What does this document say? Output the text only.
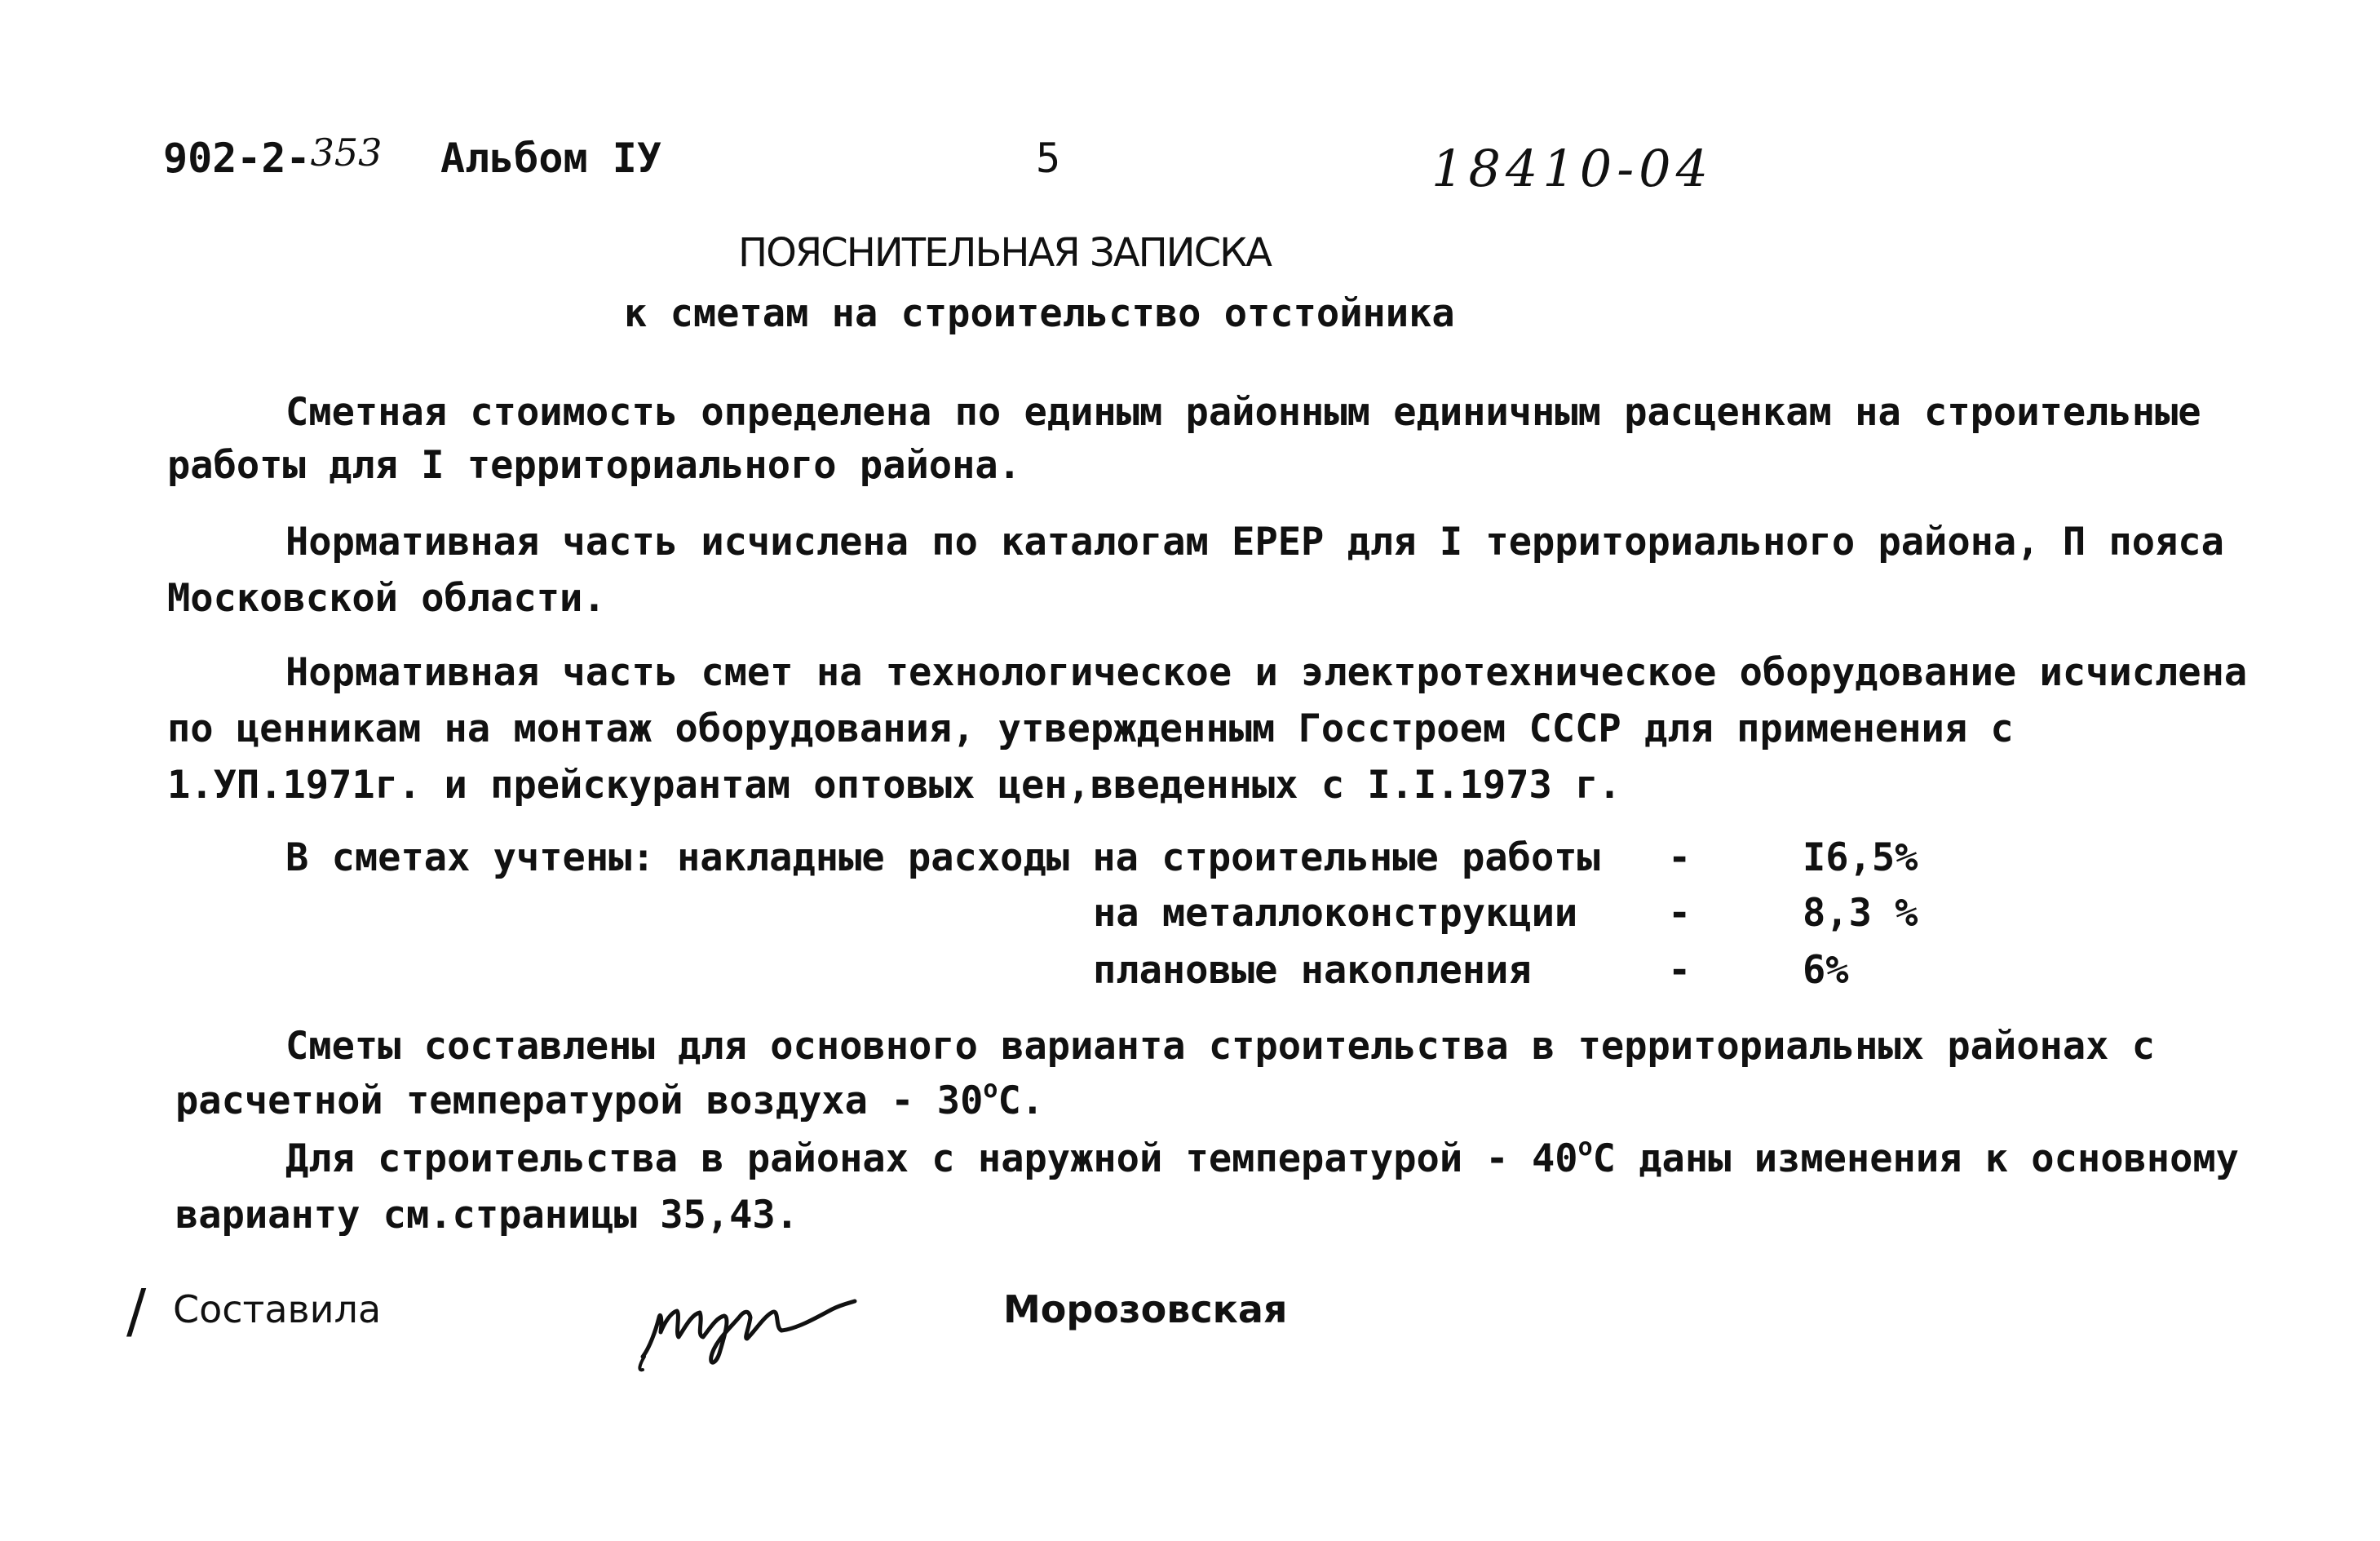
902-2-353 Альбом IУ	5	18410-04
ПОЯСНИТЕЛЬНАЯ ЗАПИСКА
к сметам на строительство отстойника
Сметная стоимость определена по единым районным единичным расценкам на строительные
работы для I территориального района.
Нормативная часть исчислена по каталогам ЕРЕР для I территориального района, П пояса
Московской области.
Нормативная часть смет на технологическое и электротехническое оборудование исчислена
по ценникам на монтаж оборудования, утвержденным Госстроем СССР для применения с
1.УП.1971г. и прейскурантам оптовых цен,введенных с I.I.1973 г.
В сметах учтены: накладные расходы на строительные работы -	I6,5%
на металлоконструкции -	8,3 %
плановые накопления	-	6%
Сметы составлены для основного варианта строительства в территориальных районах с
расчетной температурой воздуха - $30^оС$.
Для строительства в районах с наружной температурой - $40^оС$ даны изменения к основному
варианту см.страницы 35,43.
/ Составила	Морозовская
